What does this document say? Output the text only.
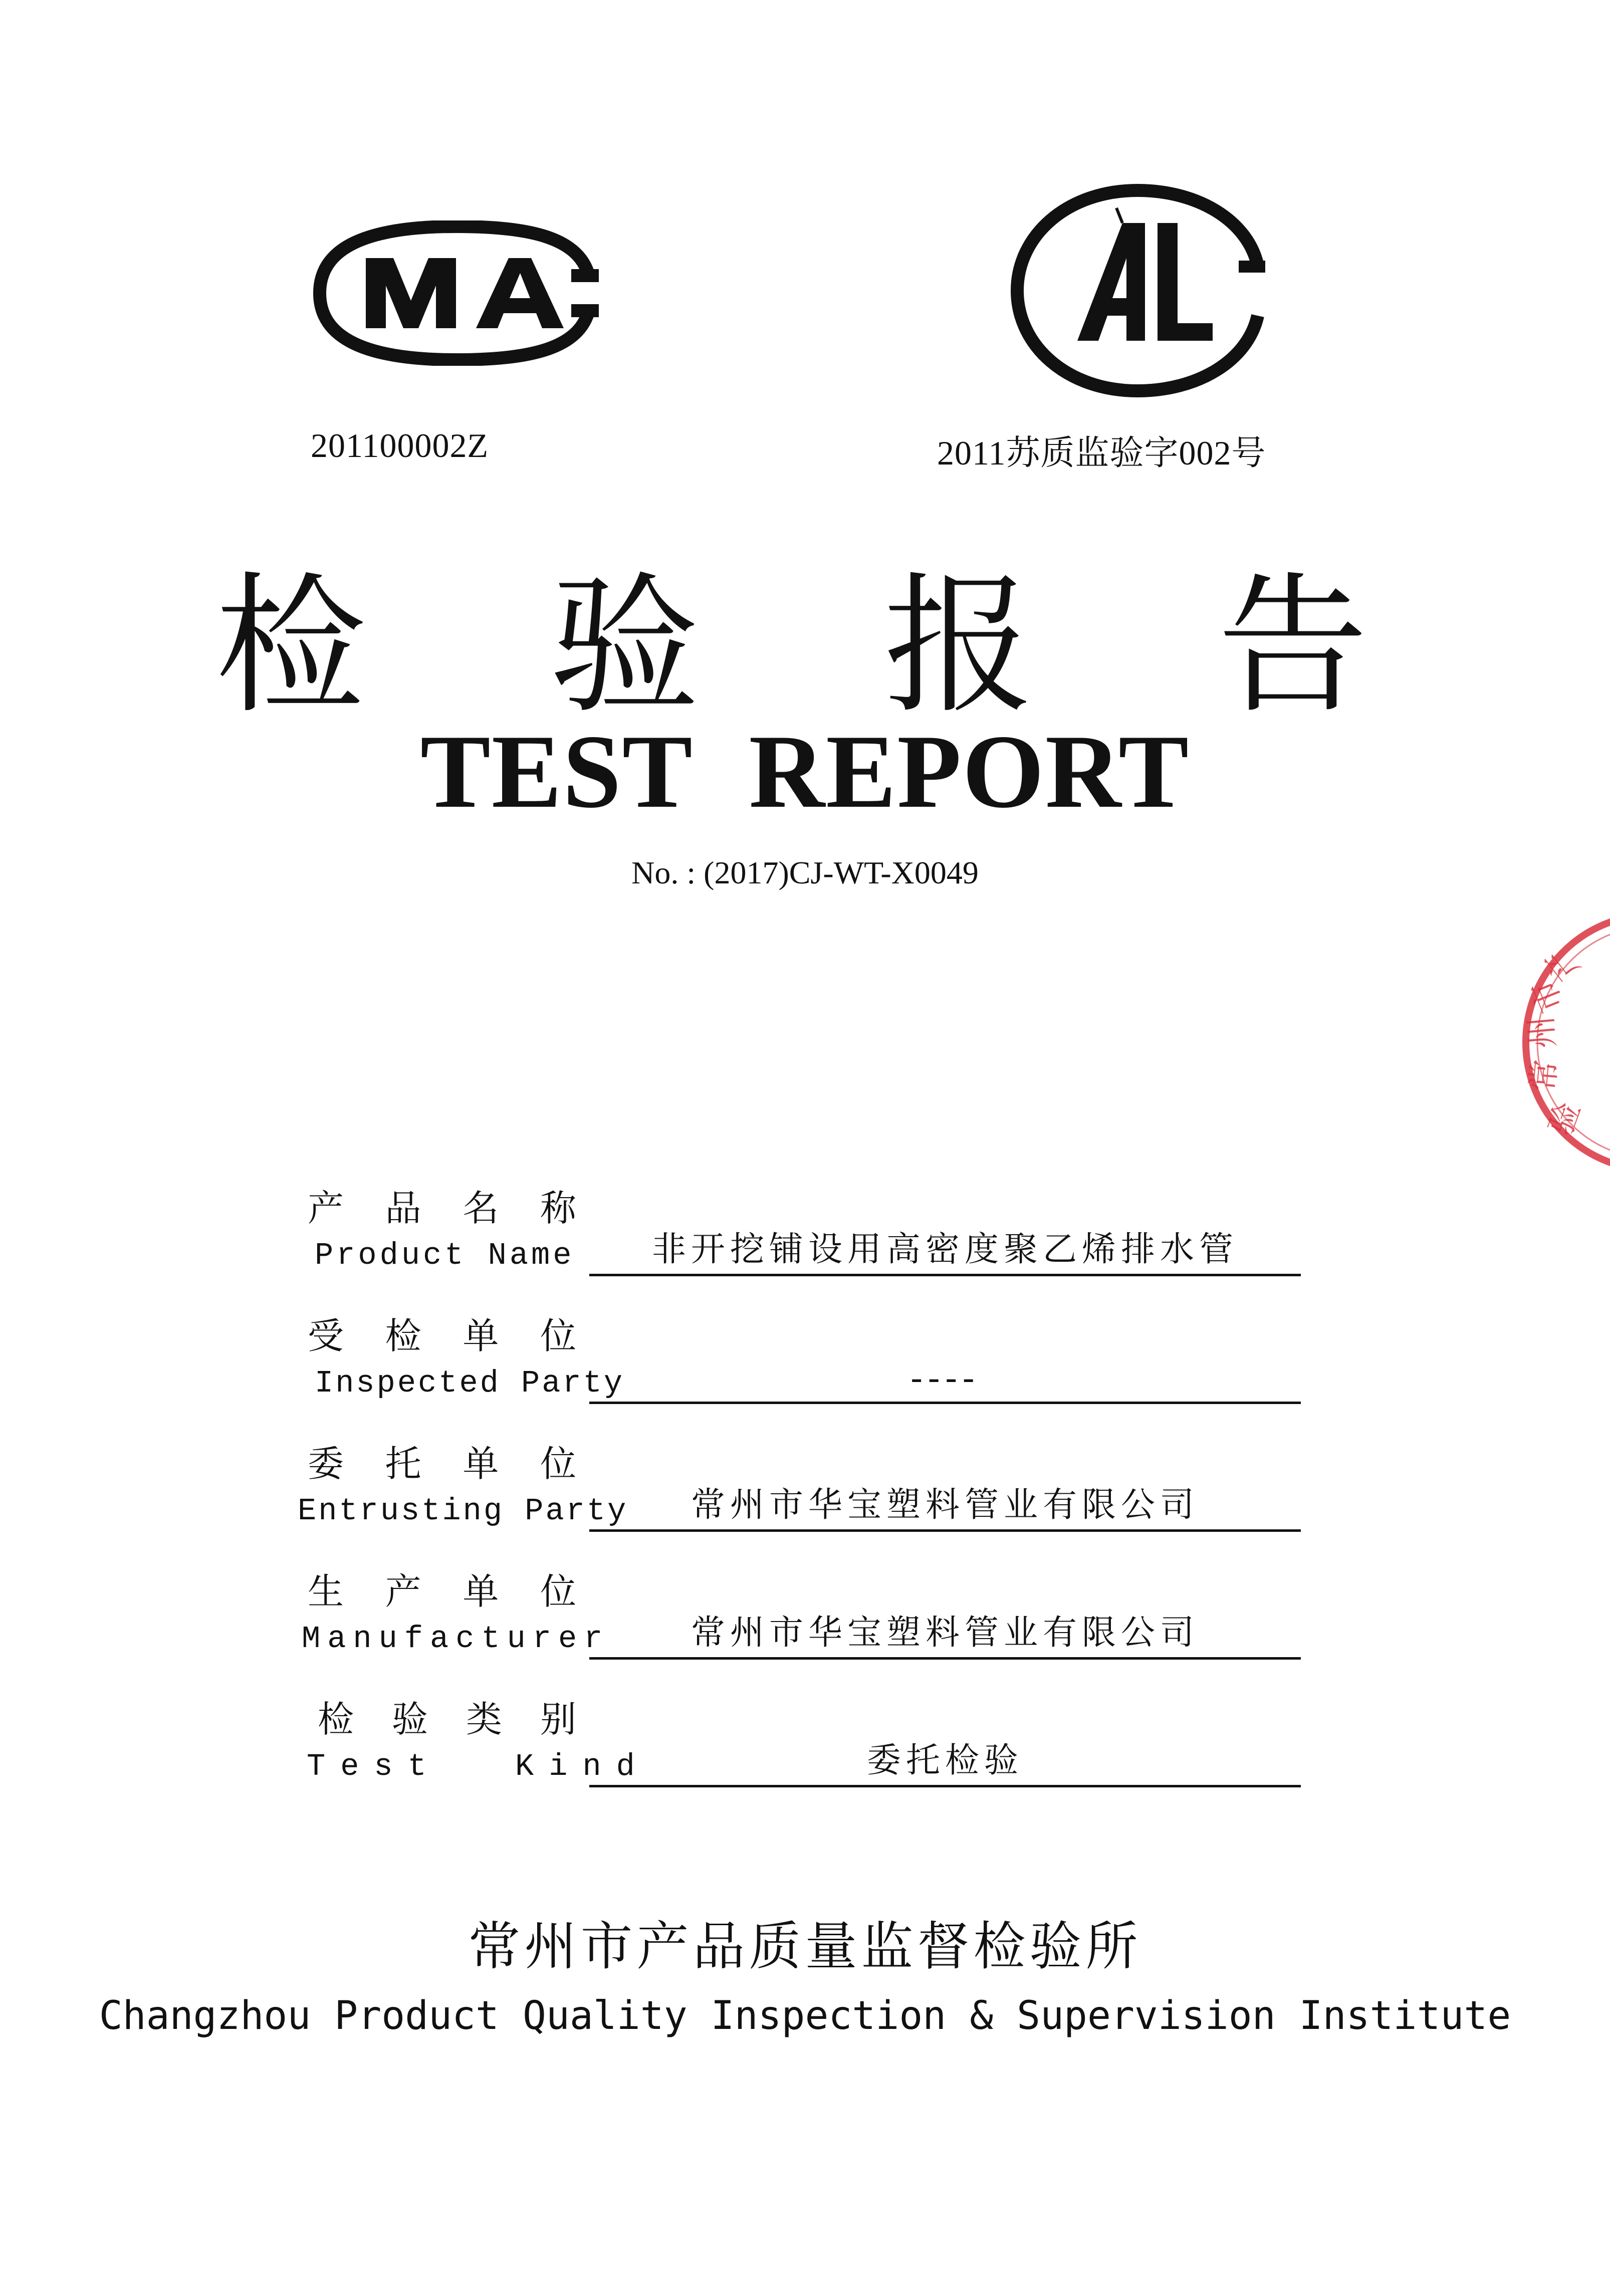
201100002Z	2011苏质监验字002号
检 验 报 告
TEST REPORT
No. : (2017)CJ-WT-X0049
验
常
州
市
产
产 品 名 称
Product Name	非开挖铺设用高密度聚乙烯排水管
受 检 单 位
Inspected Party	----
委 托 单 位
Entrusting Party 常州市华宝塑料管业有限公司
生 产 单 位
Manufacturer 常州市华宝塑料管业有限公司
检 验 类 别
Test Kind	委托检验
常州市产品质量监督检验所
Changzhou Product Quality Inspection & Supervision Institute
